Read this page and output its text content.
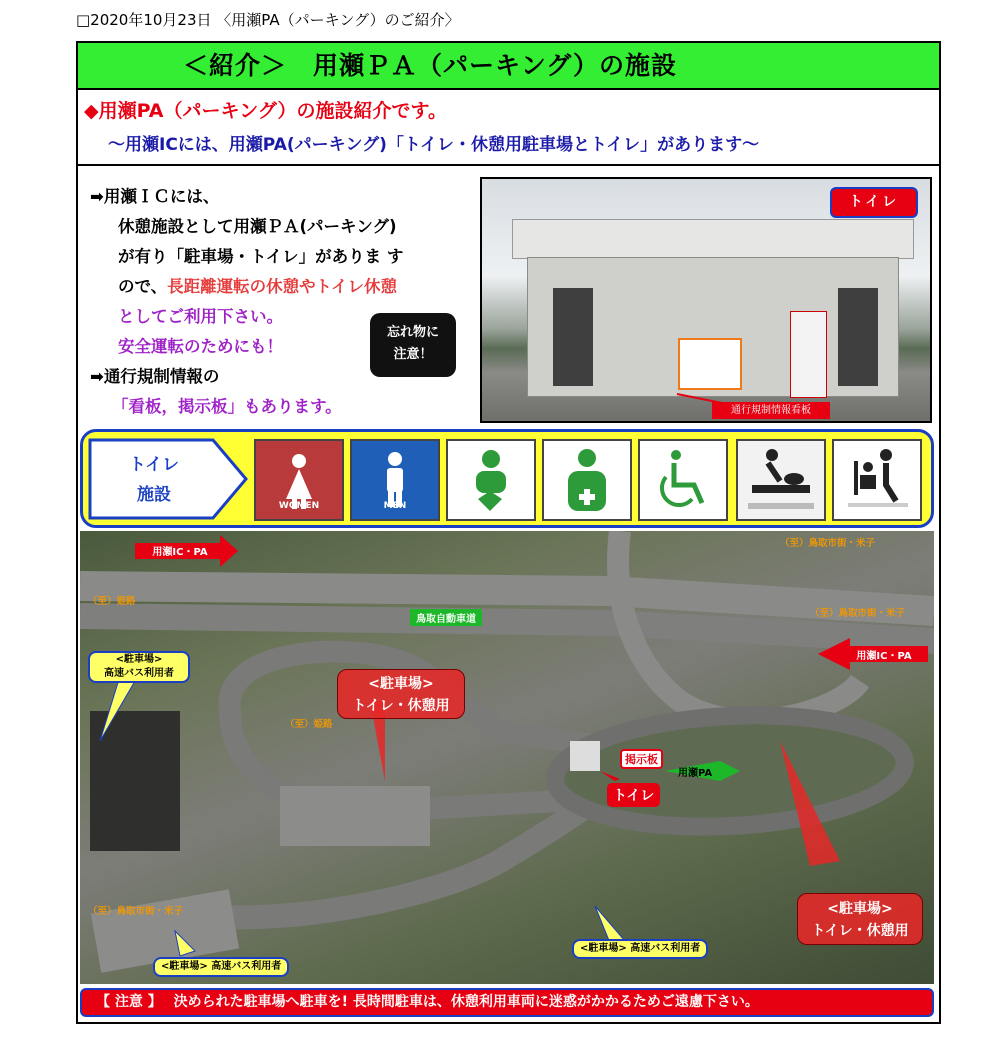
□2020年10月23日 〈用瀬PA（パーキング）のご紹介〉
＜紹介＞　用瀬ＰＡ（パーキング）の施設
◆用瀬PA（パーキング）の施設紹介です。
～用瀬ICには、用瀬PA(パーキング)「トイレ・休憩用駐車場とトイレ」があります～
➡用瀬ＩＣには、
休憩施設として用瀬ＰＡ(パーキング)
が有り「駐車場・トイレ」がありま す
ので、長距離運転の休憩やトイレ休憩
としてご利用下さい。
安全運転のためにも！
➡通行規制情報の
「看板，掲示板」もあります。
忘れ物に
注意！
トイレ
通行規制情報看板
トイレ
施設
WOMEN	MEN
用瀬IC・PA
用瀬IC・PA
鳥取自動車道
（至）鳥取市街・米子
（至）鳥取市街・米子
（至）姫路
（至）姫路
（至）鳥取市街・米子
<駐車場>
高速バス利用者
<駐車場>
トイレ・休憩用
<駐車場>
トイレ・休憩用
掲示板
トイレ
用瀬PA
<駐車場> 高速バス利用者
<駐車場> 高速バス利用者
【 注意 】　 決められた駐車場へ駐車を! 長時間駐車は、休憩利用車両に迷惑がかかるためご遠慮下さい。
